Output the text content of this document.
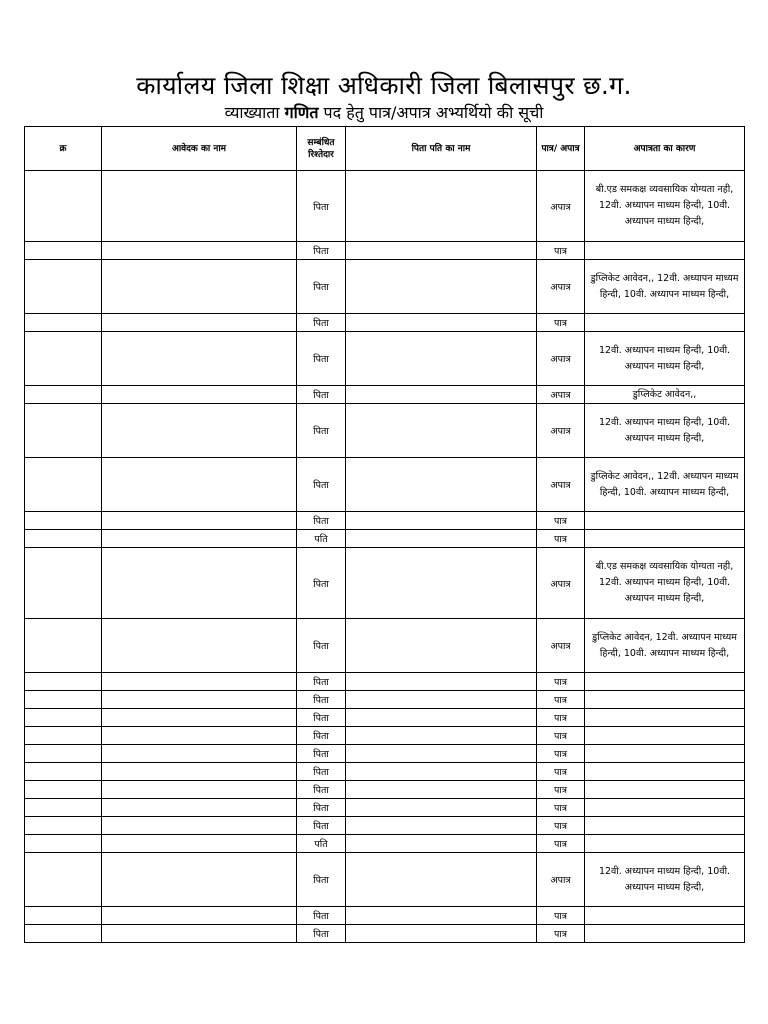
कार्यालय जिला शिक्षा अधिकारी जिला बिलासपुर छ.ग.
व्याख्याता गणित पद हेतु पात्र/अपात्र अभ्यर्थियो की सूची
क्र	आवेदक का नाम	सम्बंधित रिश्तेदार	पिता पति का नाम	पात्र/ अपात्र	अपात्रता का कारण
		पिता		अपात्र	बी.एड समकक्ष व्यवसायिक योग्यता नही, 12वी. अध्यापन माध्यम हिन्दी, 10वी. अध्यापन माध्यम हिन्दी,
		पिता		पात्र	
		पिता		अपात्र	डुप्लिकेट आवेदन,, 12वी. अध्यापन माध्यम हिन्दी, 10वी. अध्यापन माध्यम हिन्दी,
		पिता		पात्र	
		पिता		अपात्र	12वी. अध्यापन माध्यम हिन्दी, 10वी. अध्यापन माध्यम हिन्दी,
		पिता		अपात्र	डुप्लिकेट आवेदन,,
		पिता		अपात्र	12वी. अध्यापन माध्यम हिन्दी, 10वी. अध्यापन माध्यम हिन्दी,
		पिता		अपात्र	डुप्लिकेट आवेदन,, 12वी. अध्यापन माध्यम हिन्दी, 10वी. अध्यापन माध्यम हिन्दी,
		पिता		पात्र	
		पति		पात्र	
		पिता		अपात्र	बी.एड समकक्ष व्यवसायिक योग्यता नही, 12वी. अध्यापन माध्यम हिन्दी, 10वी. अध्यापन माध्यम हिन्दी,
		पिता		अपात्र	डुप्लिकेट आवेदन, 12वी. अध्यापन माध्यम हिन्दी, 10वी. अध्यापन माध्यम हिन्दी,
		पिता		पात्र	
		पिता		पात्र	
		पिता		पात्र	
		पिता		पात्र	
		पिता		पात्र	
		पिता		पात्र	
		पिता		पात्र	
		पिता		पात्र	
		पिता		पात्र	
		पति		पात्र	
		पिता		अपात्र	12वी. अध्यापन माध्यम हिन्दी, 10वी. अध्यापन माध्यम हिन्दी,
		पिता		पात्र	
		पिता		पात्र	
